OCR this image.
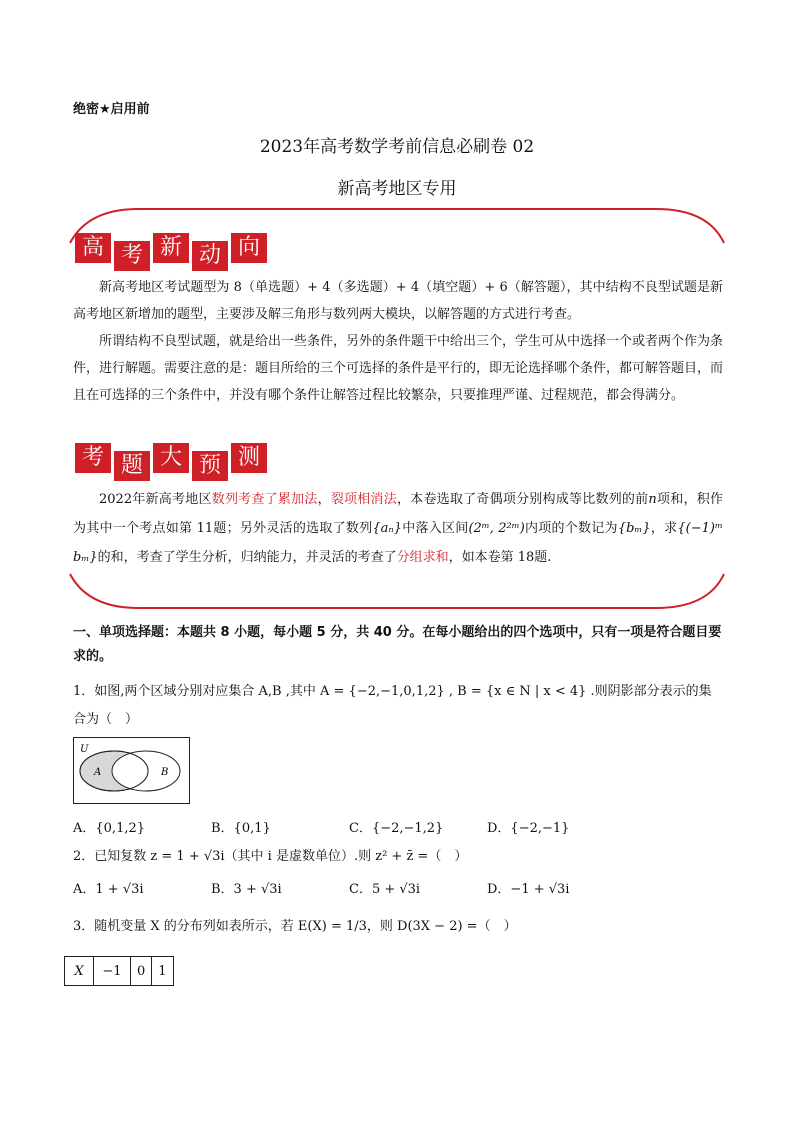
绝密★启用前
2023年高考数学考前信息必刷卷 02
新高考地区专用
高 考 新 动 向

新高考地区考试题型为 8（单选题）+ 4（多选题）+ 4（填空题）+ 6（解答题），其中结构不良型试题是新高考地区新增加的题型，主要涉及解三角形与数列两大模块，以解答题的方式进行考查。

所谓结构不良型试题，就是给出一些条件，另外的条件题干中给出三个，学生可从中选择一个或者两个作为条件，进行解题。需要注意的是：题目所给的三个可选择的条件是平行的，即无论选择哪个条件，都可解答题目，而且在可选择的三个条件中，并没有哪个条件让解答过程比较繁杂，只要推理严谨、过程规范，都会得满分。

考 题 大 预 测

2022年新高考地区数列考查了累加法，裂项相消法，本卷选取了奇偶项分别构成等比数列的前n项和，积作为其中一个考点如第 11题；另外灵活的选取了数列{aₙ}中落入区间(2ᵐ, 2²ᵐ)内项的个数记为{bₘ}，求{(−1)ᵐ bₘ}的和，考查了学生分析，归纳能力，并灵活的考查了分组求和，如本卷第 18题.

一、单项选择题：本题共 8 小题，每小题 5 分，共 40 分。在每小题给出的四个选项中，只有一项是符合题目要求的。
1．如图,两个区域分别对应集合 A,B ,其中 A = {−2,−1,0,1,2} , B = {x ∈ N | x < 4} .则阴影部分表示的集合为（　）
U
A	B
A．{0,1,2}	B．{0,1}	C．{−2,−1,2}	D．{−2,−1}
2．已知复数 z = 1 + √3i（其中 i 是虚数单位）.则 z² + z̄ =（　）
A．1 + √3i	B．3 + √3i	C．5 + √3i	D．−1 + √3i
3．随机变量 X 的分布列如表所示，若 E(X) = 1/3，则 D(3X − 2) =（　）
X	−1	0	1
